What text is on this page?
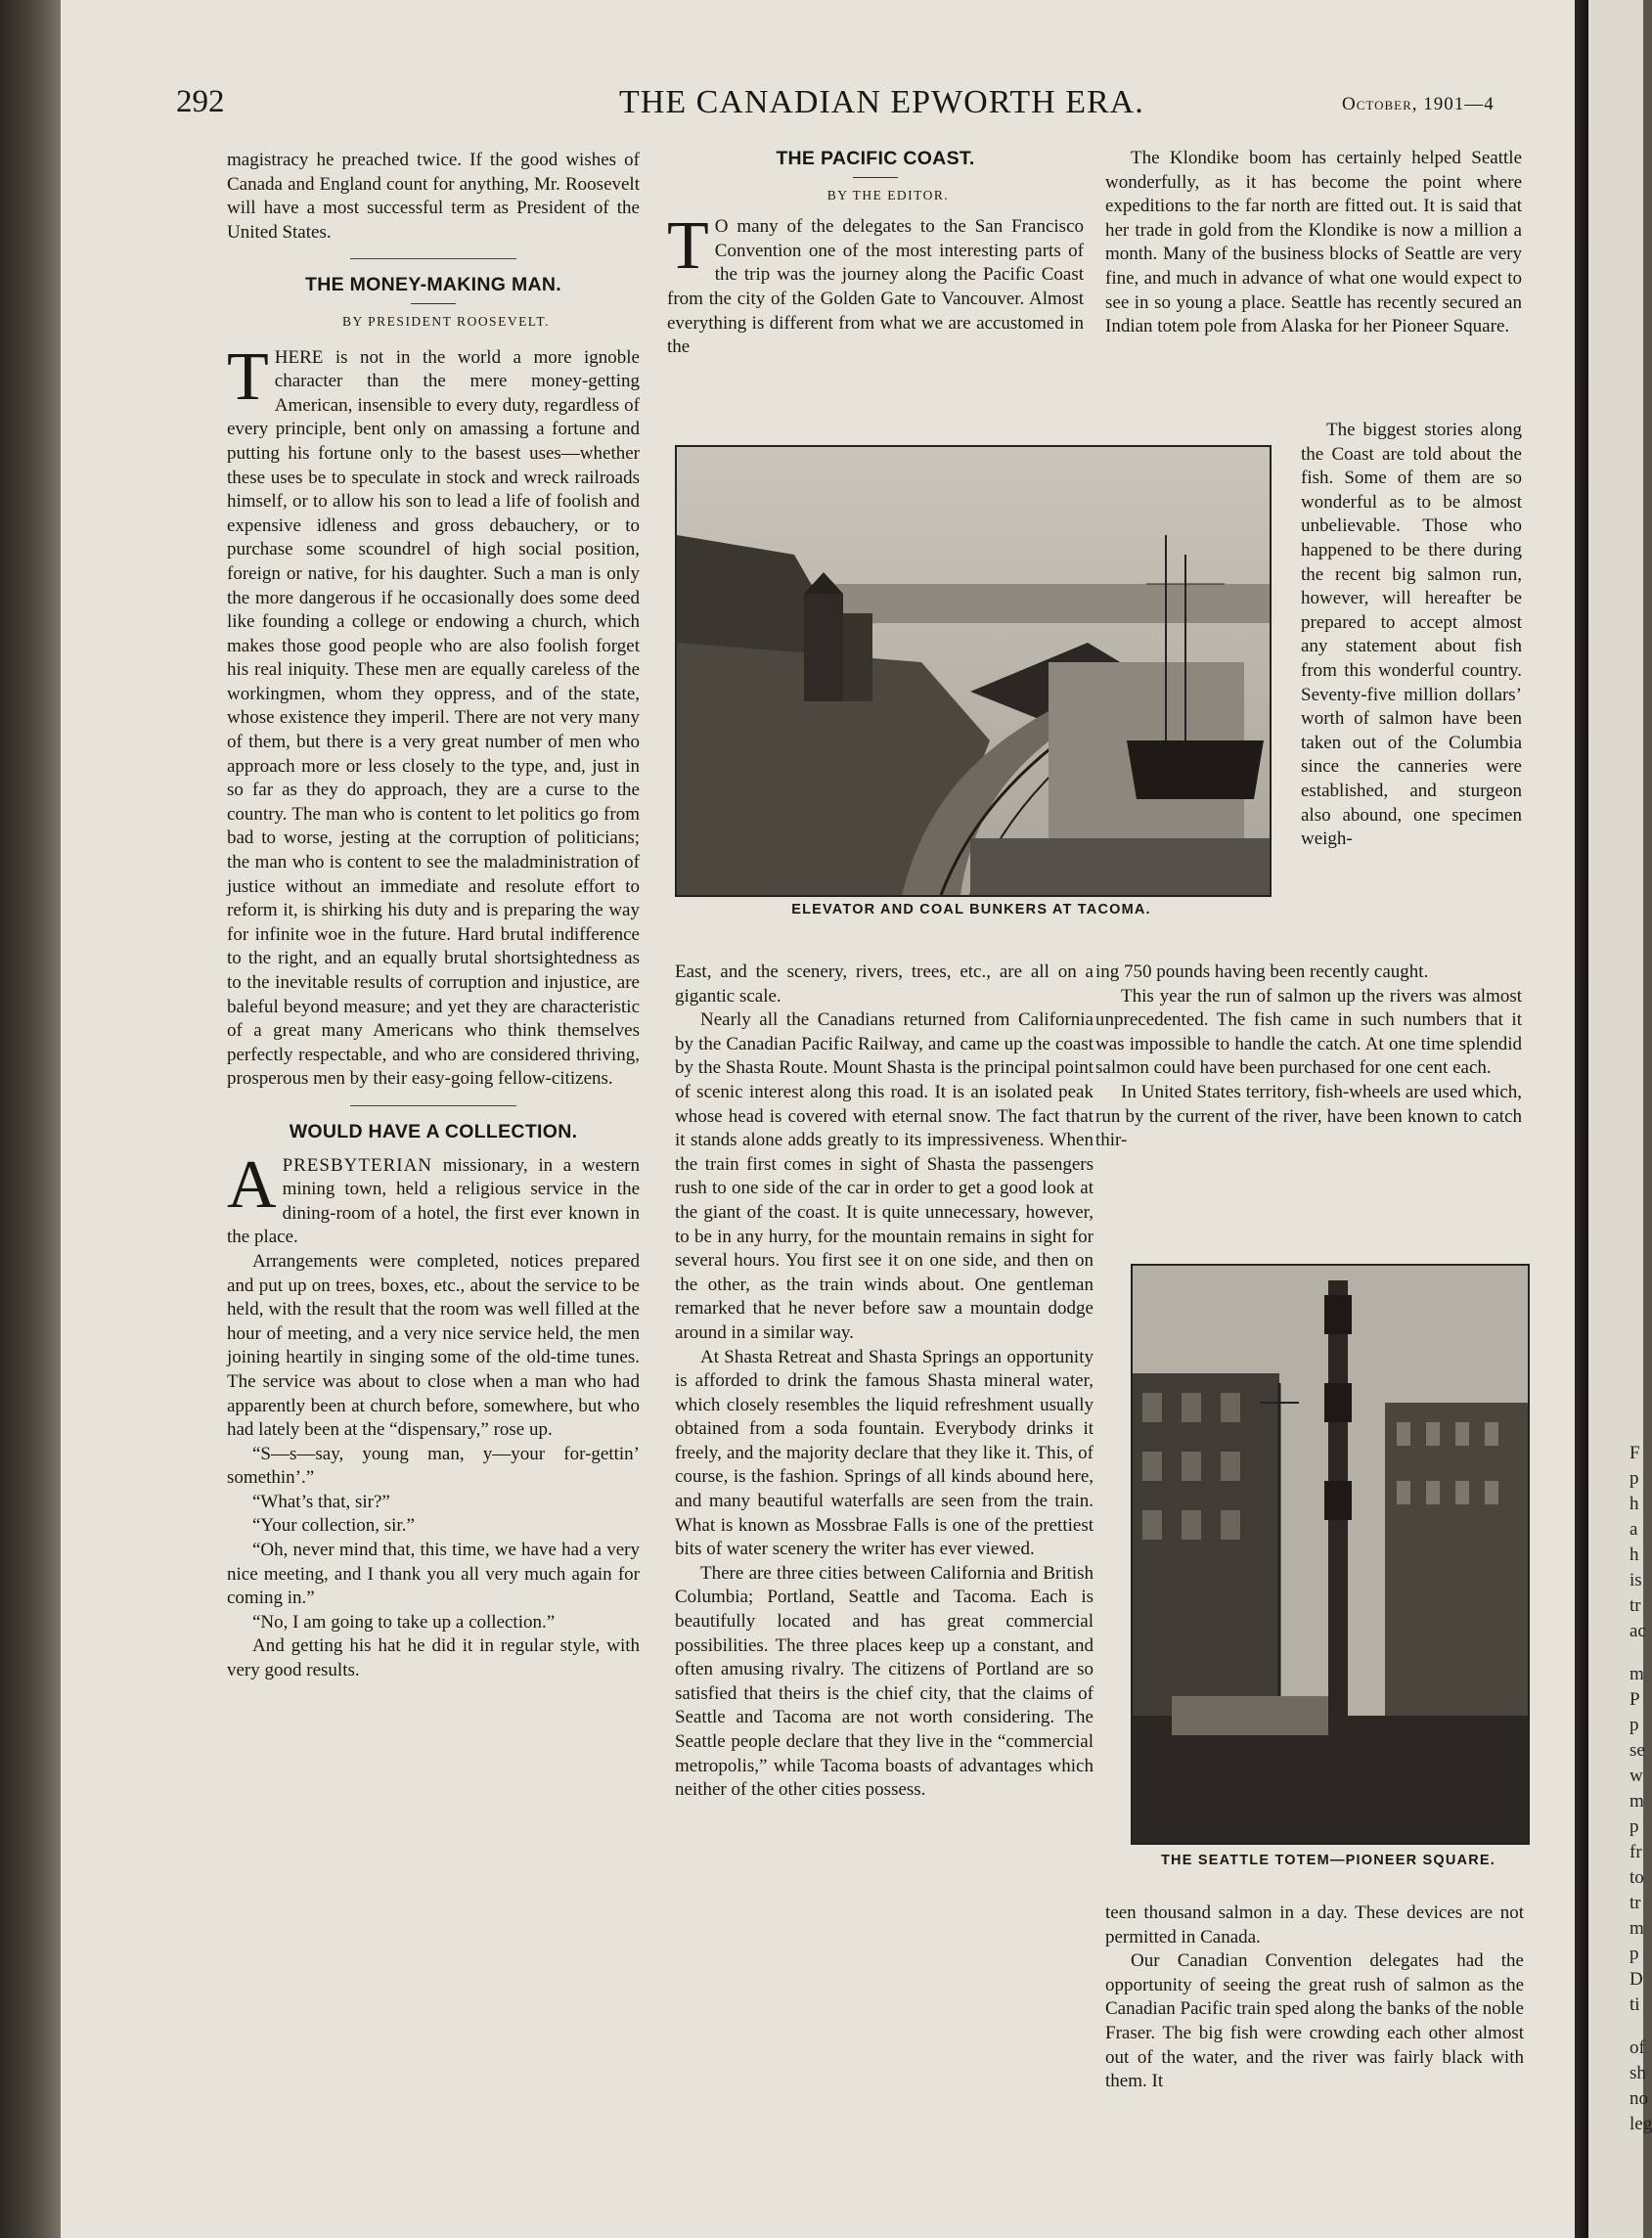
292	THE CANADIAN EPWORTH ERA.	October, 1901—4

magistracy he preached twice. If the good wishes of Canada and England count for anything, Mr. Roosevelt will have a most successful term as President of the United States.

THE MONEY-MAKING MAN.

BY PRESIDENT ROOSEVELT.

THERE is not in the world a more ignoble character than the mere money-getting American, insensible to every duty, regardless of every principle, bent only on amassing a fortune and putting his fortune only to the basest uses—whether these uses be to speculate in stock and wreck railroads himself, or to allow his son to lead a life of foolish and expensive idleness and gross debauchery, or to purchase some scoundrel of high social position, foreign or native, for his daughter. Such a man is only the more dangerous if he occasionally does some deed like founding a college or endowing a church, which makes those good people who are also foolish forget his real iniquity. These men are equally careless of the workingmen, whom they oppress, and of the state, whose existence they imperil. There are not very many of them, but there is a very great number of men who approach more or less closely to the type, and, just in so far as they do approach, they are a curse to the country. The man who is content to let politics go from bad to worse, jesting at the corruption of politicians; the man who is content to see the maladministration of justice without an immediate and resolute effort to reform it, is shirking his duty and is preparing the way for infinite woe in the future. Hard brutal indifference to the right, and an equally brutal shortsightedness as to the inevitable results of corruption and injustice, are baleful beyond measure; and yet they are characteristic of a great many Americans who think themselves perfectly respectable, and who are considered thriving, prosperous men by their easy-going fellow-citizens.

WOULD HAVE A COLLECTION.

APRESBYTERIAN missionary, in a western mining town, held a religious service in the dining-room of a hotel, the first ever known in the place.

Arrangements were completed, notices prepared and put up on trees, boxes, etc., about the service to be held, with the result that the room was well filled at the hour of meeting, and a very nice service held, the men joining heartily in singing some of the old-time tunes. The service was about to close when a man who had apparently been at church before, somewhere, but who had lately been at the “dispensary,” rose up.

“S—s—say, young man, y—your for-gettin’ somethin’.”

“What’s that, sir?”

“Your collection, sir.”

“Oh, never mind that, this time, we have had a very nice meeting, and I thank you all very much again for coming in.”

“No, I am going to take up a collection.”

And getting his hat he did it in regular style, with very good results.

THE PACIFIC COAST.

BY THE EDITOR.

T O many of the delegates to the San Francisco Convention one of the most interesting parts of the trip was the journey along the Pacific Coast from the city of the Golden Gate to Vancouver. Almost everything is different from what we are accustomed in the

ELEVATOR AND COAL BUNKERS AT TACOMA.

East, and the scenery, rivers, trees, etc., are all on a gigantic scale.

Nearly all the Canadians returned from California by the Canadian Pacific Railway, and came up the coast by the Shasta Route. Mount Shasta is the principal point of scenic interest along this road. It is an isolated peak whose head is covered with eternal snow. The fact that it stands alone adds greatly to its impressiveness. When the train first comes in sight of Shasta the passengers rush to one side of the car in order to get a good look at the giant of the coast. It is quite unnecessary, however, to be in any hurry, for the mountain remains in sight for several hours. You first see it on one side, and then on the other, as the train winds about. One gentleman remarked that he never before saw a mountain dodge around in a similar way.

At Shasta Retreat and Shasta Springs an opportunity is afforded to drink the famous Shasta mineral water, which closely resembles the liquid refreshment usually obtained from a soda fountain. Everybody drinks it freely, and the majority declare that they like it. This, of course, is the fashion. Springs of all kinds abound here, and many beautiful waterfalls are seen from the train. What is known as Mossbrae Falls is one of the prettiest bits of water scenery the writer has ever viewed.

There are three cities between California and British Columbia; Portland, Seattle and Tacoma. Each is beautifully located and has great commercial possibilities. The three places keep up a constant, and often amusing rivalry. The citizens of Portland are so satisfied that theirs is the chief city, that the claims of Seattle and Tacoma are not worth considering. The Seattle people declare that they live in the “commercial metropolis,” while Tacoma boasts of advantages which neither of the other cities possess.

The Klondike boom has certainly helped Seattle wonderfully, as it has become the point where expeditions to the far north are fitted out. It is said that her trade in gold from the Klondike is now a million a month. Many of the business blocks of Seattle are very fine, and much in advance of what one would expect to see in so young a place. Seattle has recently secured an Indian totem pole from Alaska for her Pioneer Square.

The biggest stories along the Coast are told about the fish. Some of them are so wonderful as to be almost unbelievable. Those who happened to be there during the recent big salmon run, however, will hereafter be prepared to accept almost any statement about fish from this wonderful country. Seventy-five million dollars’ worth of salmon have been taken out of the Columbia since the canneries were established, and sturgeon also abound, one specimen weigh-

ing 750 pounds having been recently caught.

This year the run of salmon up the rivers was almost unprecedented. The fish came in such numbers that it was impossible to handle the catch. At one time splendid salmon could have been purchased for one cent each.

In United States territory, fish-wheels are used which, run by the current of the river, have been known to catch thir-

THE SEATTLE TOTEM—PIONEER SQUARE.

teen thousand salmon in a day. These devices are not permitted in Canada.

Our Canadian Convention delegates had the opportunity of seeing the great rush of salmon as the Canadian Pacific train sped along the banks of the noble Fraser. The big fish were crowding each other almost out of the water, and the river was fairly black with them. It

F
p
h
a
h
is
tr
ac
m
P
p
se
w
m
p
fr
to
tr
m
p
D
ti
of
sh
no
leg
